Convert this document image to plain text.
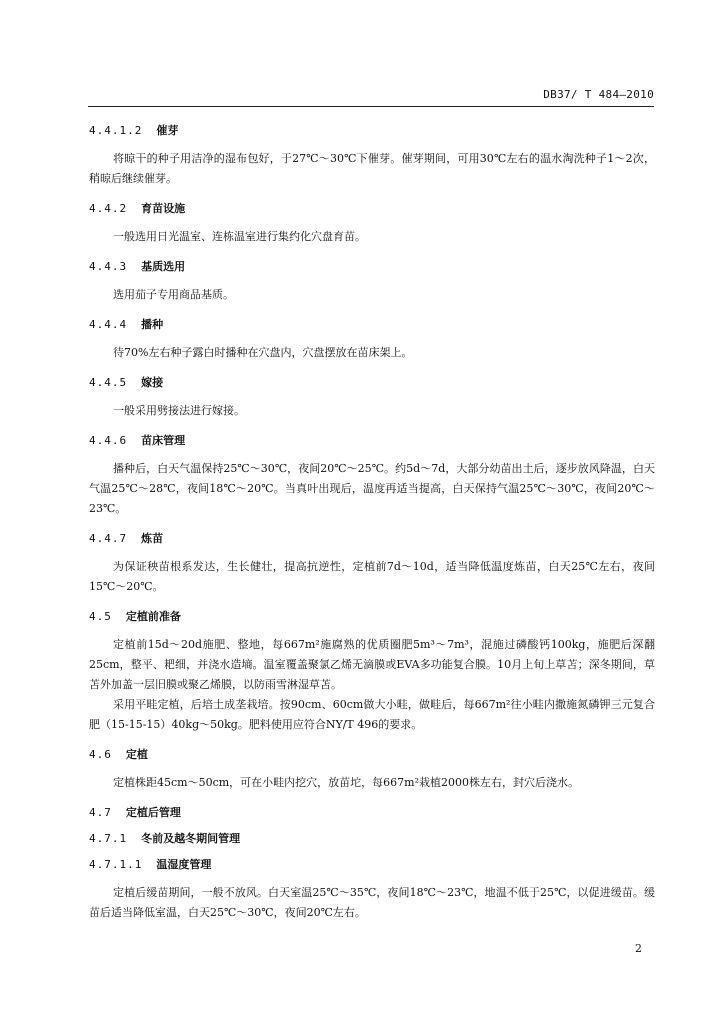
DB37/ T 484—2010
4.4.1.2 催芽
将晾干的种子用洁净的湿布包好，于27℃～30℃下催芽。催芽期间，可用30℃左右的温水淘洗种子1～2次，稍晾后继续催芽。
4.4.2 育苗设施
一般选用日光温室、连栋温室进行集约化穴盘育苗。
4.4.3 基质选用
选用茄子专用商品基质。
4.4.4 播种
待70%左右种子露白时播种在穴盘内，穴盘摆放在苗床架上。
4.4.5 嫁接
一般采用劈接法进行嫁接。
4.4.6 苗床管理
播种后，白天气温保持25℃～30℃，夜间20℃～25℃。约5d～7d，大部分幼苗出土后，逐步放风降温，白天气温25℃～28℃，夜间18℃～20℃。当真叶出现后，温度再适当提高，白天保持气温25℃～30℃，夜间20℃～23℃。
4.4.7 炼苗
为保证秧苗根系发达，生长健壮，提高抗逆性，定植前7d～10d，适当降低温度炼苗，白天25℃左右，夜间15℃～20℃。
4.5 定植前准备
定植前15d～20d施肥、整地，每667m²施腐熟的优质圈肥5m³～7m³，混施过磷酸钙100kg，施肥后深翻25cm，整平、耙细，并浇水造墒。温室覆盖聚氯乙烯无滴膜或EVA多功能复合膜。10月上旬上草苫；深冬期间，草苫外加盖一层旧膜或聚乙烯膜，以防雨雪淋湿草苫。
采用平畦定植，后培土成垄栽培。按90cm、60cm做大小畦，做畦后，每667m²往小畦内撒施氮磷钾三元复合肥（15-15-15）40kg～50kg。肥料使用应符合NY/T 496的要求。
4.6 定植
定植株距45cm～50cm，可在小畦内挖穴，放苗坨，每667m²栽植2000株左右，封穴后浇水。
4.7 定植后管理
4.7.1 冬前及越冬期间管理
4.7.1.1 温湿度管理
定植后缓苗期间，一般不放风。白天室温25℃～35℃，夜间18℃～23℃，地温不低于25℃，以促进缓苗。缓苗后适当降低室温，白天25℃～30℃，夜间20℃左右。
2
